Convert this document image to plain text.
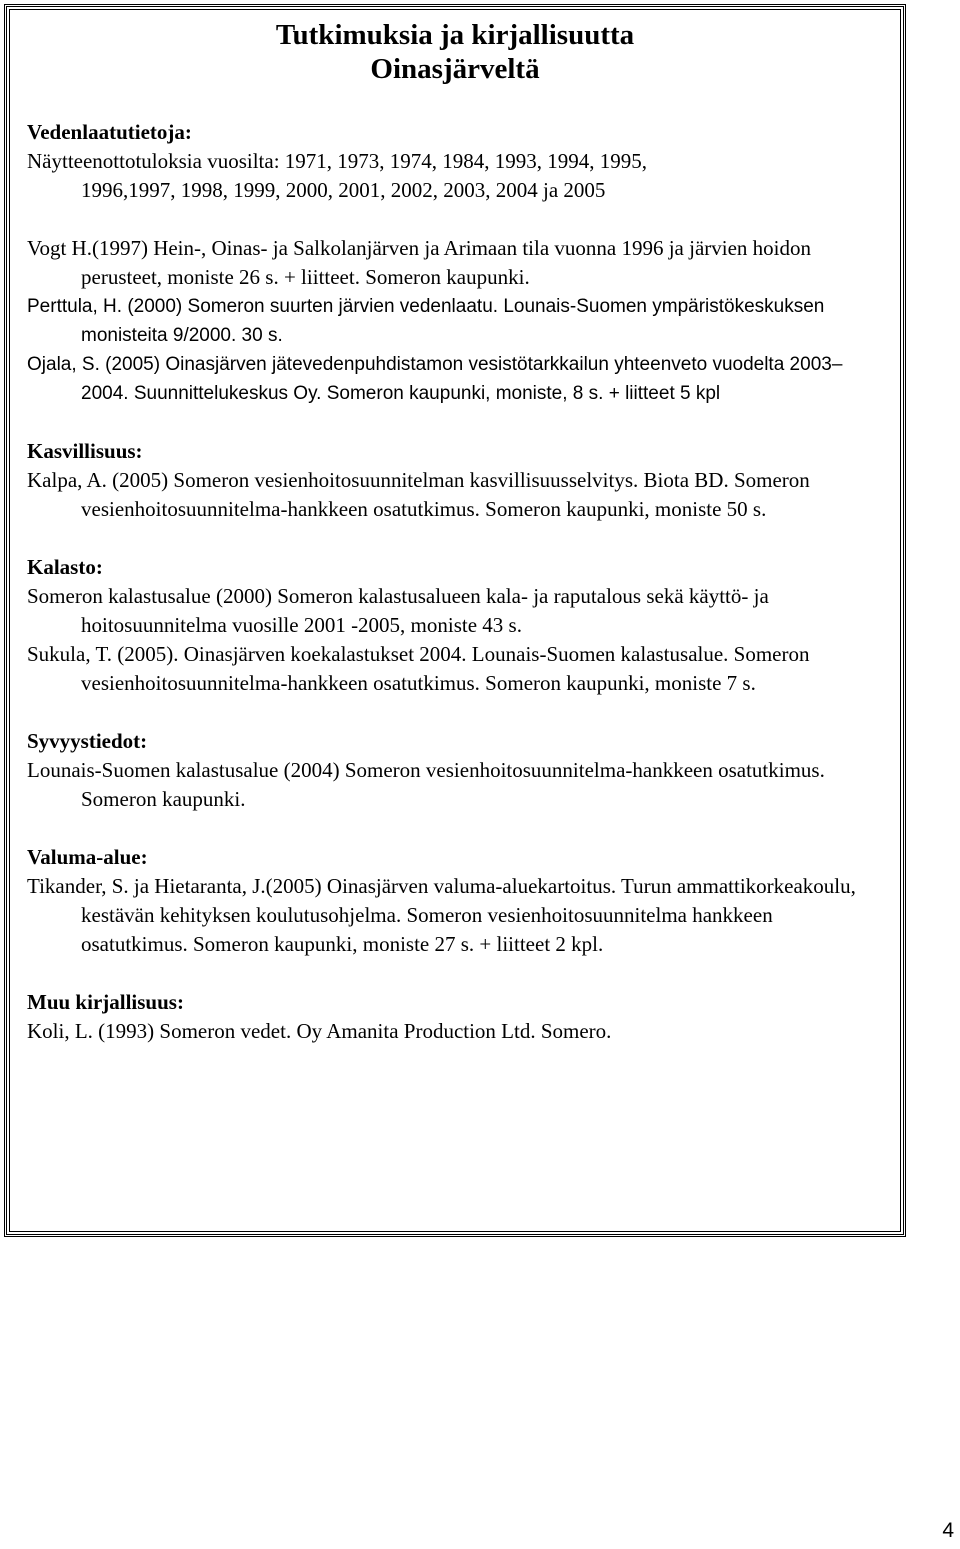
Tutkimuksia ja kirjallisuutta
Oinasjärveltä

Vedenlaatutietoja:

Näytteenottotuloksia vuosilta: 1971, 1973, 1974, 1984, 1993, 1994, 1995,

1996,1997, 1998, 1999, 2000, 2001, 2002, 2003, 2004 ja 2005

Vogt H.(1997) Hein-, Oinas- ja Salkolanjärven ja Arimaan tila vuonna 1996 ja järvien hoidon perusteet, moniste 26 s. + liitteet. Someron kaupunki.

Perttula, H. (2000) Someron suurten järvien vedenlaatu. Lounais-Suomen ympäristökeskuksen monisteita 9/2000. 30 s.

Ojala, S. (2005) Oinasjärven jätevedenpuhdistamon vesistötarkkailun yhteenveto vuodelta 2003–2004. Suunnittelukeskus Oy. Someron kaupunki, moniste, 8 s. + liitteet 5 kpl

Kasvillisuus:

Kalpa, A. (2005) Someron vesienhoitosuunnitelman kasvillisuusselvitys. Biota BD. Someron vesienhoitosuunnitelma-hankkeen osatutkimus. Someron kaupunki, moniste 50 s.

Kalasto:

Someron kalastusalue (2000) Someron kalastusalueen kala- ja raputalous sekä käyttö- ja hoitosuunnitelma vuosille 2001 -2005, moniste 43 s.

Sukula, T. (2005). Oinasjärven koekalastukset 2004. Lounais-Suomen kalastusalue. Someron vesienhoitosuunnitelma-hankkeen osatutkimus. Someron kaupunki, moniste 7 s.

Syvyystiedot:

Lounais-Suomen kalastusalue (2004) Someron vesienhoitosuunnitelma-hankkeen osatutkimus. Someron kaupunki.

Valuma-alue:

Tikander, S. ja Hietaranta, J.(2005) Oinasjärven valuma-aluekartoitus. Turun ammattikorkeakoulu, kestävän kehityksen koulutusohjelma. Someron vesienhoitosuunnitelma hankkeen osatutkimus. Someron kaupunki, moniste 27 s. + liitteet 2 kpl.

Muu kirjallisuus:

Koli, L. (1993) Someron vedet. Oy Amanita Production Ltd. Somero.

4
